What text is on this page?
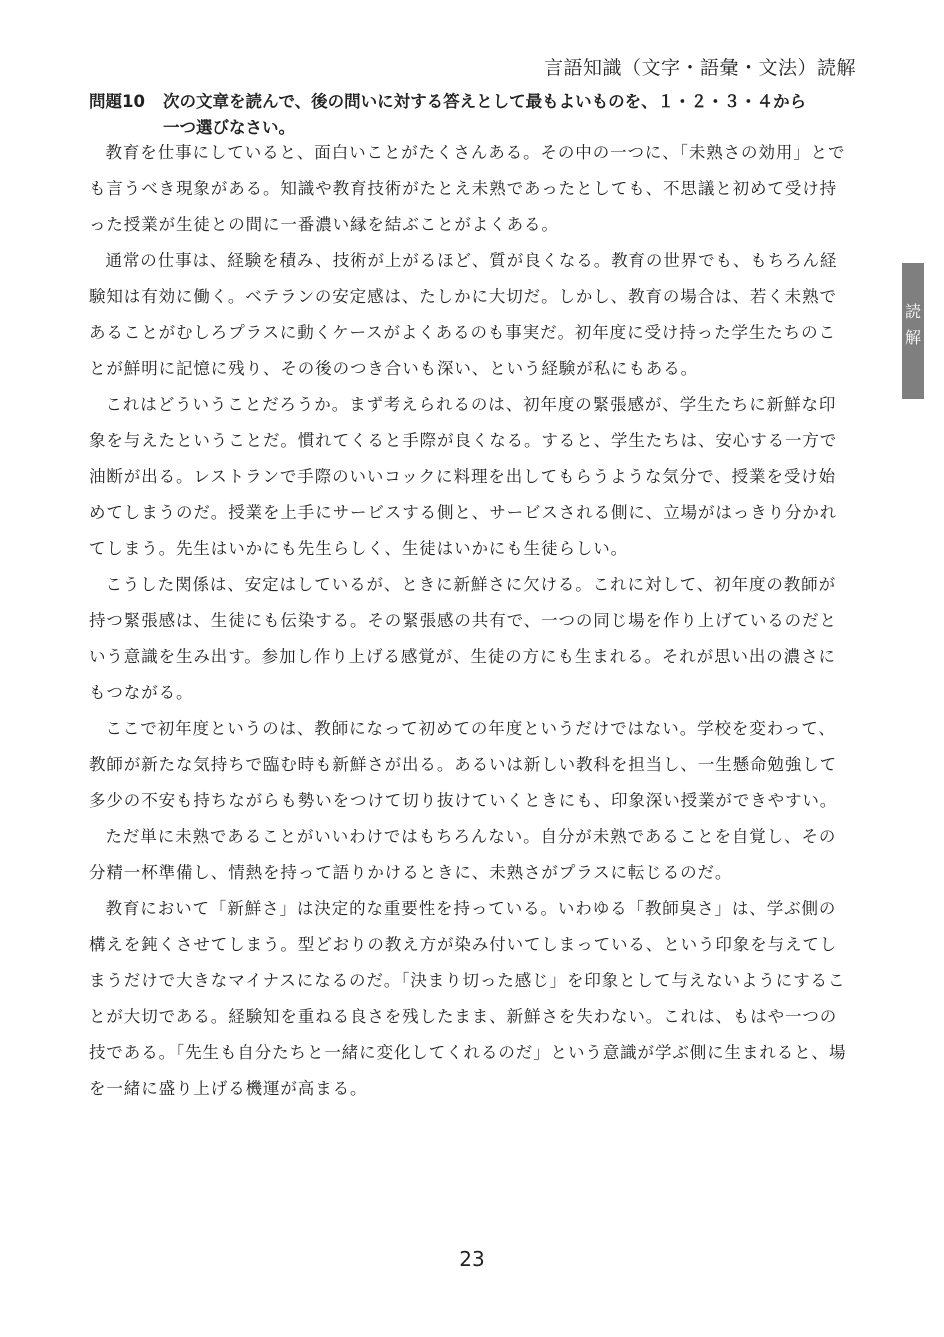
言語知識（文字・語彙・文法）読解
問題10 次の文章を読んで、後の問いに対する答えとして最もよいものを、１・２・３・４から
一つ選びなさい。

教育を仕事にしていると、面白いことがたくさんある。その中の一つに、「未熟さの効用」とでも言うべき現象がある。知識や教育技術がたとえ未熟であったとしても、不思議と初めて受け持った授業が生徒との間に一番濃い縁を結ぶことがよくある。

通常の仕事は、経験を積み、技術が上がるほど、質が良くなる。教育の世界でも、もちろん経験知は有効に働く。ベテランの安定感は、たしかに大切だ。しかし、教育の場合は、若く未熟であることがむしろプラスに動くケースがよくあるのも事実だ。初年度に受け持った学生たちのことが鮮明に記憶に残り、その後のつき合いも深い、という経験が私にもある。

これはどういうことだろうか。まず考えられるのは、初年度の緊張感が、学生たちに新鮮な印象を与えたということだ。慣れてくると手際が良くなる。すると、学生たちは、安心する一方で油断が出る。レストランで手際のいいコックに料理を出してもらうような気分で、授業を受け始めてしまうのだ。授業を上手にサービスする側と、サービスされる側に、立場がはっきり分かれてしまう。先生はいかにも先生らしく、生徒はいかにも生徒らしい。

こうした関係は、安定はしているが、ときに新鮮さに欠ける。これに対して、初年度の教師が持つ緊張感は、生徒にも伝染する。その緊張感の共有で、一つの同じ場を作り上げているのだという意識を生み出す。参加し作り上げる感覚が、生徒の方にも生まれる。それが思い出の濃さにもつながる。

ここで初年度というのは、教師になって初めての年度というだけではない。学校を変わって、教師が新たな気持ちで臨む時も新鮮さが出る。あるいは新しい教科を担当し、一生懸命勉強して多少の不安も持ちながらも勢いをつけて切り抜けていくときにも、印象深い授業ができやすい。

ただ単に未熟であることがいいわけではもちろんない。自分が未熟であることを自覚し、その分精一杯準備し、情熱を持って語りかけるときに、未熟さがプラスに転じるのだ。

教育において「新鮮さ」は決定的な重要性を持っている。いわゆる「教師臭さ」は、学ぶ側の構えを鈍くさせてしまう。型どおりの教え方が染み付いてしまっている、という印象を与えてしまうだけで大きなマイナスになるのだ。「決まり切った感じ」を印象として与えないようにすることが大切である。経験知を重ねる良さを残したまま、新鮮さを失わない。これは、もはや一つの技である。「先生も自分たちと一緒に変化してくれるのだ」という意識が学ぶ側に生まれると、場を一緒に盛り上げる機運が高まる。

読
解
23
